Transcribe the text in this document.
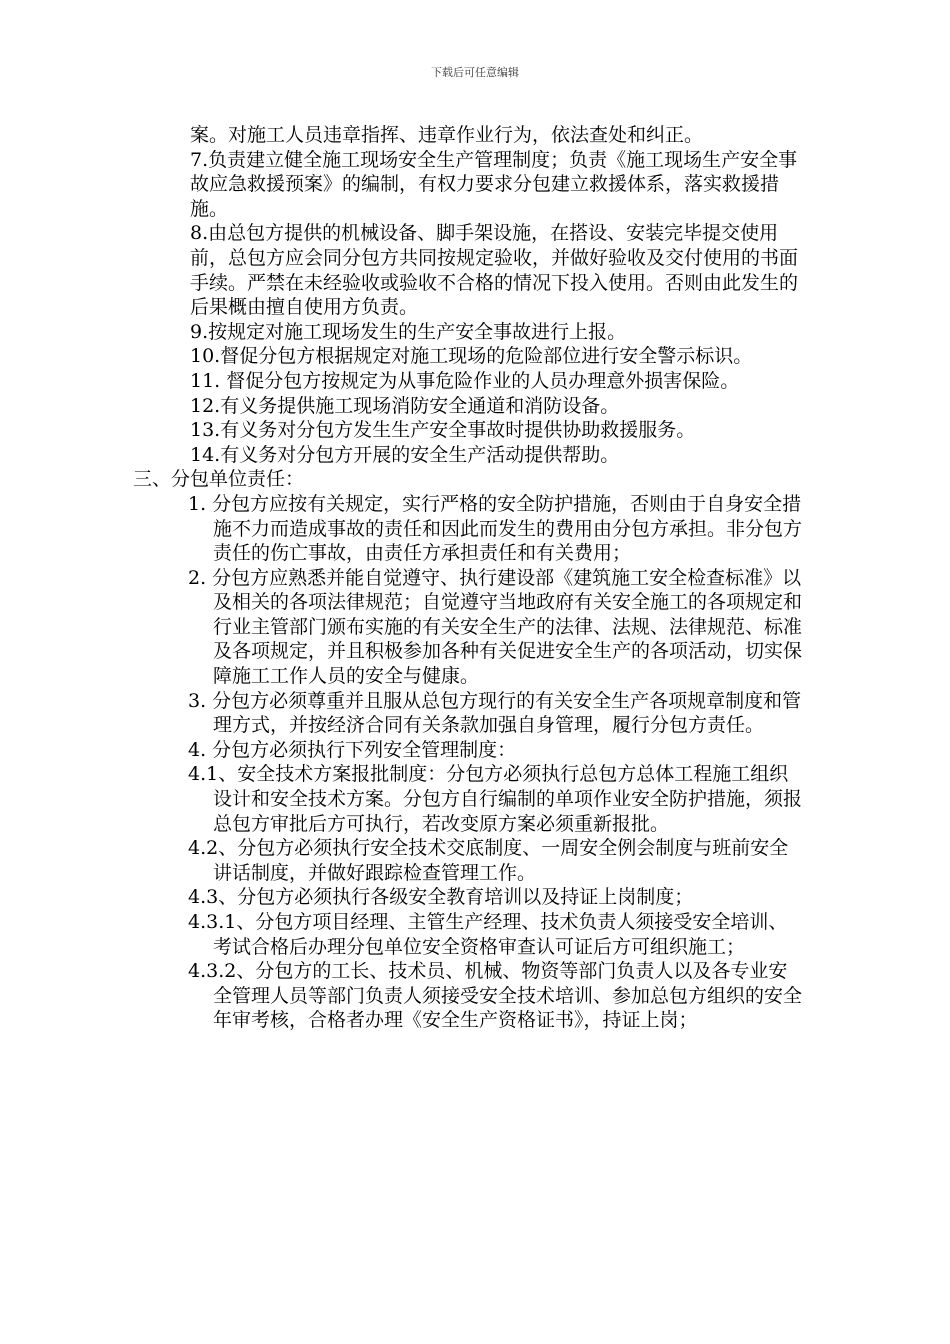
下载后可任意编辑

案。对施工人员违章指挥、违章作业行为，依法查处和纠正。

7.负责建立健全施工现场安全生产管理制度；负责《施工现场生产安全事故应急救援预案》的编制，有权力要求分包建立救援体系，落实救援措施。

8.由总包方提供的机械设备、脚手架设施，在搭设、安装完毕提交使用前，总包方应会同分包方共同按规定验收，并做好验收及交付使用的书面手续。严禁在未经验收或验收不合格的情况下投入使用。否则由此发生的后果概由擅自使用方负责。

9.按规定对施工现场发生的生产安全事故进行上报。

10.督促分包方根据规定对施工现场的危险部位进行安全警示标识。

11. 督促分包方按规定为从事危险作业的人员办理意外损害保险。

12.有义务提供施工现场消防安全通道和消防设备。

13.有义务对分包方发生生产安全事故时提供协助救援服务。

14.有义务对分包方开展的安全生产活动提供帮助。

三、分包单位责任：

1. 分包方应按有关规定，实行严格的安全防护措施，否则由于自身安全措施不力而造成事故的责任和因此而发生的费用由分包方承担。非分包方责任的伤亡事故，由责任方承担责任和有关费用；

2. 分包方应熟悉并能自觉遵守、执行建设部《建筑施工安全检查标准》以及相关的各项法律规范；自觉遵守当地政府有关安全施工的各项规定和行业主管部门颁布实施的有关安全生产的法律、法规、法律规范、标准及各项规定，并且积极参加各种有关促进安全生产的各项活动，切实保障施工工作人员的安全与健康。

3. 分包方必须尊重并且服从总包方现行的有关安全生产各项规章制度和管理方式，并按经济合同有关条款加强自身管理，履行分包方责任。

4. 分包方必须执行下列安全管理制度：

4.1、安全技术方案报批制度：分包方必须执行总包方总体工程施工组织设计和安全技术方案。分包方自行编制的单项作业安全防护措施，须报总包方审批后方可执行，若改变原方案必须重新报批。

4.2、分包方必须执行安全技术交底制度、一周安全例会制度与班前安全讲话制度，并做好跟踪检查管理工作。

4.3、分包方必须执行各级安全教育培训以及持证上岗制度；

4.3.1、分包方项目经理、主管生产经理、技术负责人须接受安全培训、考试合格后办理分包单位安全资格审查认可证后方可组织施工；

4.3.2、分包方的工长、技术员、机械、物资等部门负责人以及各专业安全管理人员等部门负责人须接受安全技术培训、参加总包方组织的安全年审考核，合格者办理《安全生产资格证书》，持证上岗；
